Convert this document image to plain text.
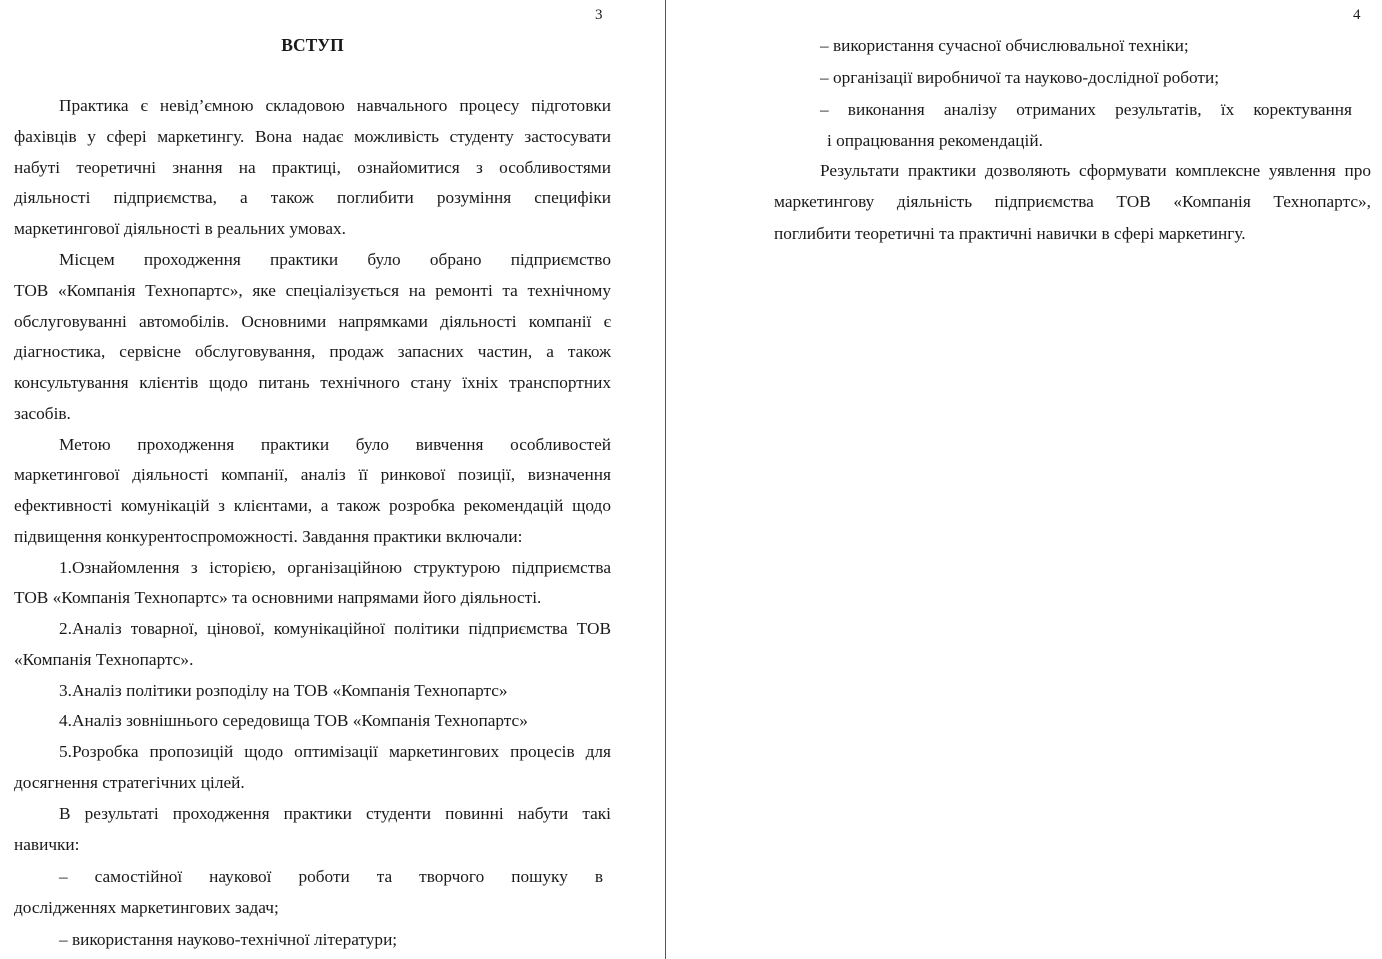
3
ВСТУП
Практика є невід’ємною складовою навчального процесу підготовки
фахівців у сфері маркетингу. Вона надає можливість студенту застосувати
набуті теоретичні знання на практиці, ознайомитися з особливостями
діяльності підприємства, а також поглибити розуміння специфіки
маркетингової діяльності в реальних умовах.
Місцем проходження практики було обрано підприємство
ТОВ «Компанія Технопартс», яке спеціалізується на ремонті та технічному
обслуговуванні автомобілів. Основними напрямками діяльності компанії є
діагностика, сервісне обслуговування, продаж запасних частин, а також
консультування клієнтів щодо питань технічного стану їхніх транспортних
засобів.
Метою проходження практики було вивчення особливостей
маркетингової діяльності компанії, аналіз її ринкової позиції, визначення
ефективності комунікацій з клієнтами, а також розробка рекомендацій щодо
підвищення конкурентоспроможності. Завдання практики включали:
1.Ознайомлення з історією, організаційною структурою підприємства
ТОВ «Компанія Технопартс» та основними напрямами його діяльності.
2.Аналіз товарної, цінової, комунікаційної політики підприємства ТОВ
«Компанія Технопартс».
3.Аналіз політики розподілу на ТОВ «Компанія Технопартс»
4.Аналіз зовнішнього середовища ТОВ «Компанія Технопартс»
5.Розробка пропозицій щодо оптимізації маркетингових процесів для
досягнення стратегічних цілей.
В результаті проходження практики студенти повинні набути такі
навички:
– самостійної наукової роботи та творчого пошуку в
дослідженнях маркетингових задач;
– використання науково-технічної літератури;
4
– використання сучасної обчислювальної техніки;
– організації виробничої та науково-дослідної роботи;
– виконання аналізу отриманих результатів, їх коректування
і опрацювання рекомендацій.
Результати практики дозволяють сформувати комплексне уявлення про
маркетингову діяльність підприємства ТОВ «Компанія Технопартс»,
поглибити теоретичні та практичні навички в сфері маркетингу.
